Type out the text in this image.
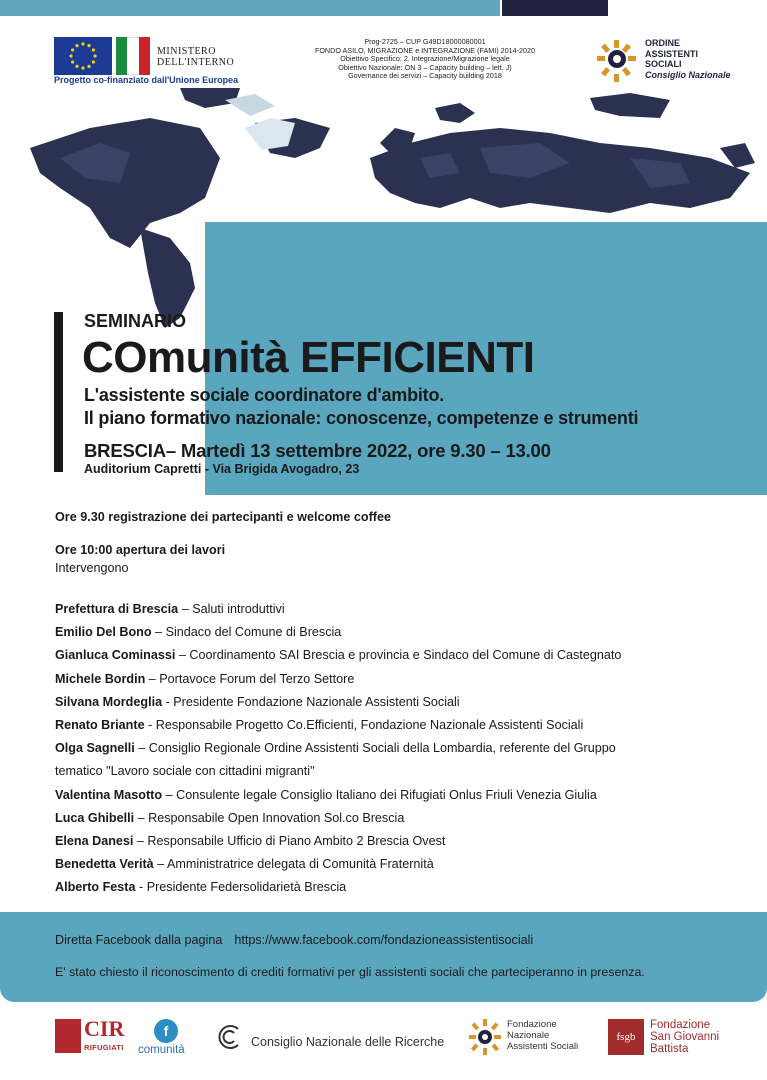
MINISTERO
DELL'INTERNO
Progetto co-finanziato dall'Unione Europea
Prog-2725 – CUP G49D18000080001
FONDO ASILO, MIGRAZIONE e INTEGRAZIONE (FAMI) 2014-2020
Obiettivo Specifico: 2. Integrazione/Migrazione legale
Obiettivo Nazionale: ON 3 – Capacity building – lett. J)
Governance dei servizi – Capacity building 2018
ORDINE
ASSISTENTI
SOCIALI
Consiglio Nazionale
SEMINARIO
COmunità EFFICIENTI
L'assistente sociale coordinatore d'ambito.
Il piano formativo nazionale: conoscenze, competenze e strumenti
BRESCIA– Martedì 13 settembre 2022, ore 9.30 – 13.00
Auditorium Capretti - Via Brigida Avogadro, 23
Ore 9.30 registrazione dei partecipanti e welcome coffee
Ore 10:00 apertura dei lavori
Intervengono
Prefettura di Brescia – Saluti introduttivi
Emilio Del Bono – Sindaco del Comune di Brescia
Gianluca Cominassi – Coordinamento SAI Brescia e provincia e Sindaco del Comune di Castegnato
Michele Bordin – Portavoce Forum del Terzo Settore
Silvana Mordeglia - Presidente Fondazione Nazionale Assistenti Sociali
Renato Briante - Responsabile Progetto Co.Efficienti, Fondazione Nazionale Assistenti Sociali
Olga Sagnelli – Consiglio Regionale Ordine Assistenti Sociali della Lombardia, referente del Gruppo
tematico "Lavoro sociale con cittadini migranti"
Valentina Masotto – Consulente legale Consiglio Italiano dei Rifugiati Onlus Friuli Venezia Giulia
Luca Ghibelli – Responsabile Open Innovation Sol.co Brescia
Elena Danesi – Responsabile Ufficio di Piano Ambito 2 Brescia Ovest
Benedetta Verità – Amministratrice delegata di Comunità Fraternità
Alberto Festa - Presidente Federsolidarietà Brescia
Diretta Facebook dalla pagina https://www.facebook.com/fondazioneassistentisociali
E' stato chiesto il riconoscimento di crediti formativi per gli assistenti sociali che parteciperanno in presenza.
CIR
RIFUGIATI
f
comunità
Consiglio Nazionale delle Ricerche
Fondazione
Nazionale
Assistenti Sociali
fsgb
Fondazione
San Giovanni
Battista
